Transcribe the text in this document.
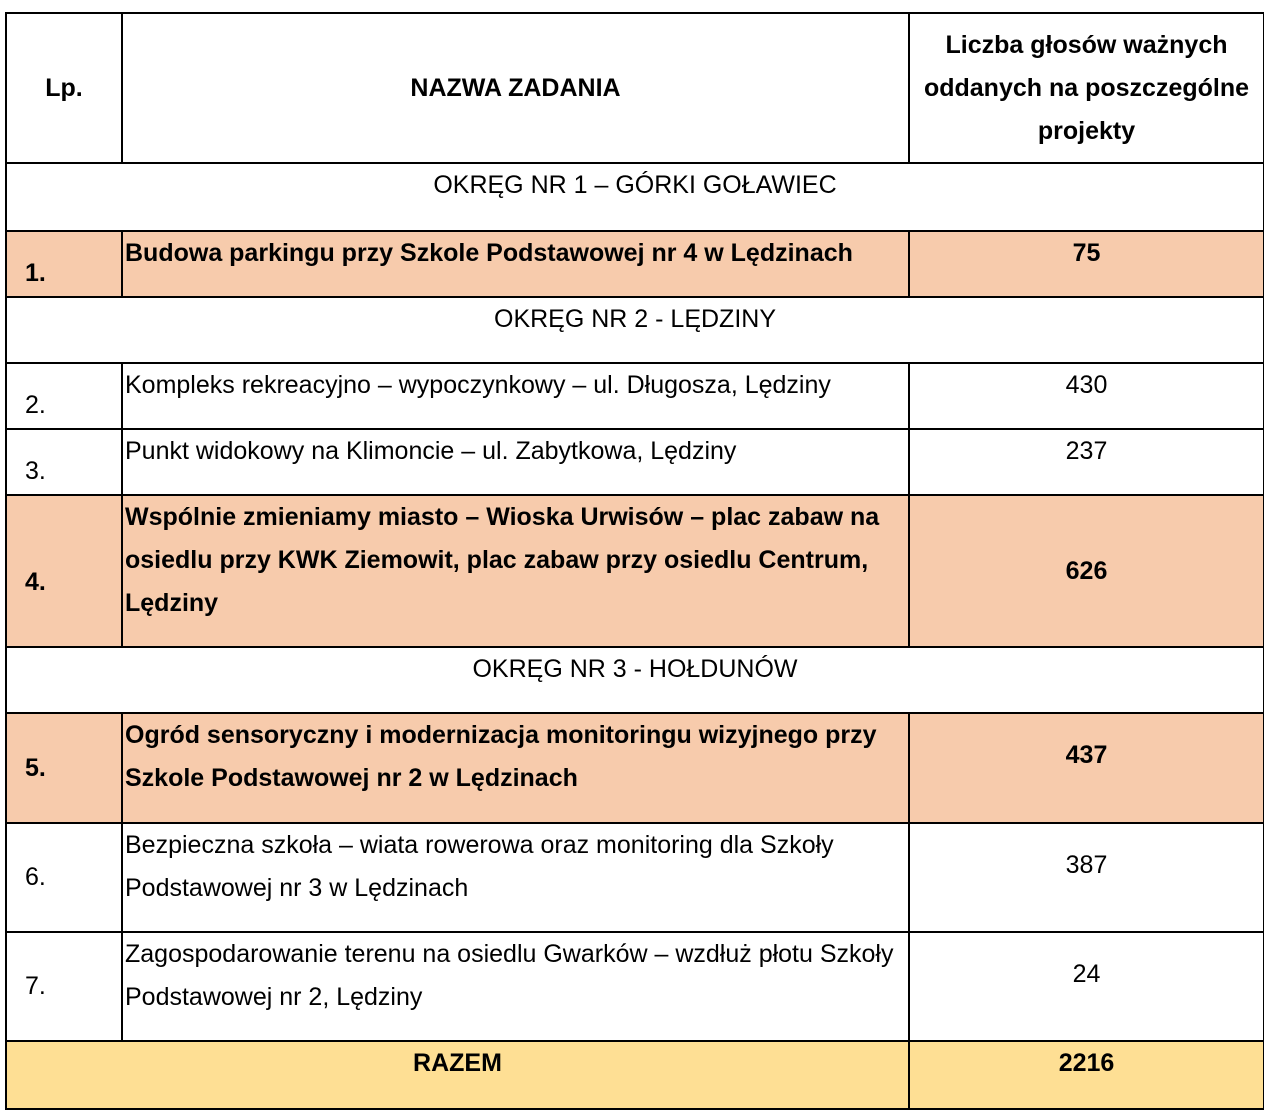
Lp.	NAZWA ZADANIA	Liczba głosów ważnych oddanych na poszczególne projekty
OKRĘG NR 1 – GÓRKI GOŁAWIEC		
1.	Budowa parkingu przy Szkole Podstawowej nr 4 w Lędzinach	75
OKRĘG NR 2 - LĘDZINY		
2.	Kompleks rekreacyjno – wypoczynkowy – ul. Długosza, Lędziny	430
3.	Punkt widokowy na Klimoncie – ul. Zabytkowa, Lędziny	237
4.	Wspólnie zmieniamy miasto – Wioska Urwisów – plac zabaw na osiedlu przy KWK Ziemowit, plac zabaw przy osiedlu Centrum, Lędziny	626
OKRĘG NR 3 - HOŁDUNÓW		
5.	Ogród sensoryczny i modernizacja monitoringu wizyjnego przy Szkole Podstawowej nr 2 w Lędzinach	437
6.	Bezpieczna szkoła – wiata rowerowa oraz monitoring dla Szkoły Podstawowej nr 3 w Lędzinach	387
7.	Zagospodarowanie terenu na osiedlu Gwarków – wzdłuż płotu Szkoły Podstawowej nr 2, Lędziny	24
RAZEM		2216
